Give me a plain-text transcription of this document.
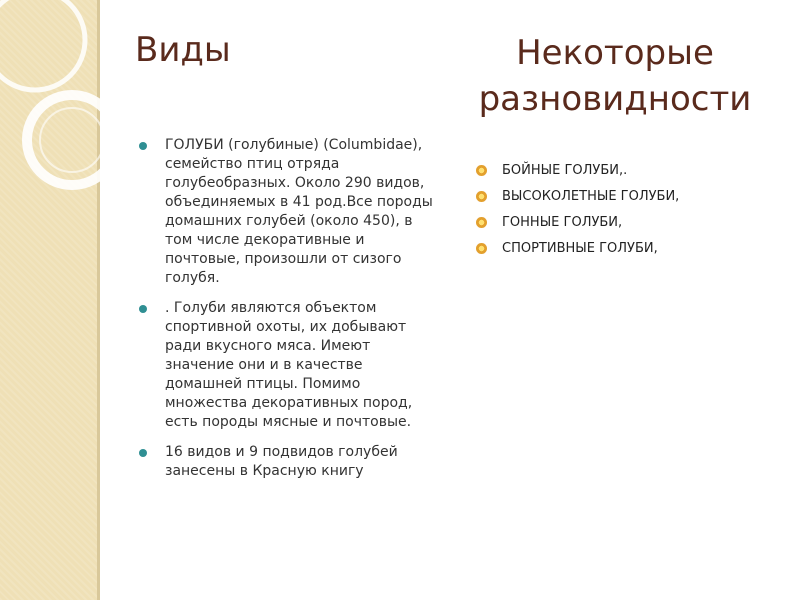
Виды	Некоторые
разновидности
ГОЛУБИ (голубиные) (Columbidae), семейство птиц отряда голубеобразных. Около 290 видов, объединяемых в 41 род.Все породы домашних голубей (около 450), в том числе декоративные и почтовые, произошли от сизого голубя.
. Голуби являются объектом спортивной охоты, их добывают ради вкусного мяса. Имеют значение они и в качестве домашней птицы. Помимо множества декоративных пород, есть породы мясные и почтовые.
16 видов и 9 подвидов голубей занесены в Красную книгу
БОЙНЫЕ ГОЛУБИ,.
ВЫСОКОЛЕТНЫЕ ГОЛУБИ,
ГОННЫЕ ГОЛУБИ,
СПОРТИВНЫЕ ГОЛУБИ,
